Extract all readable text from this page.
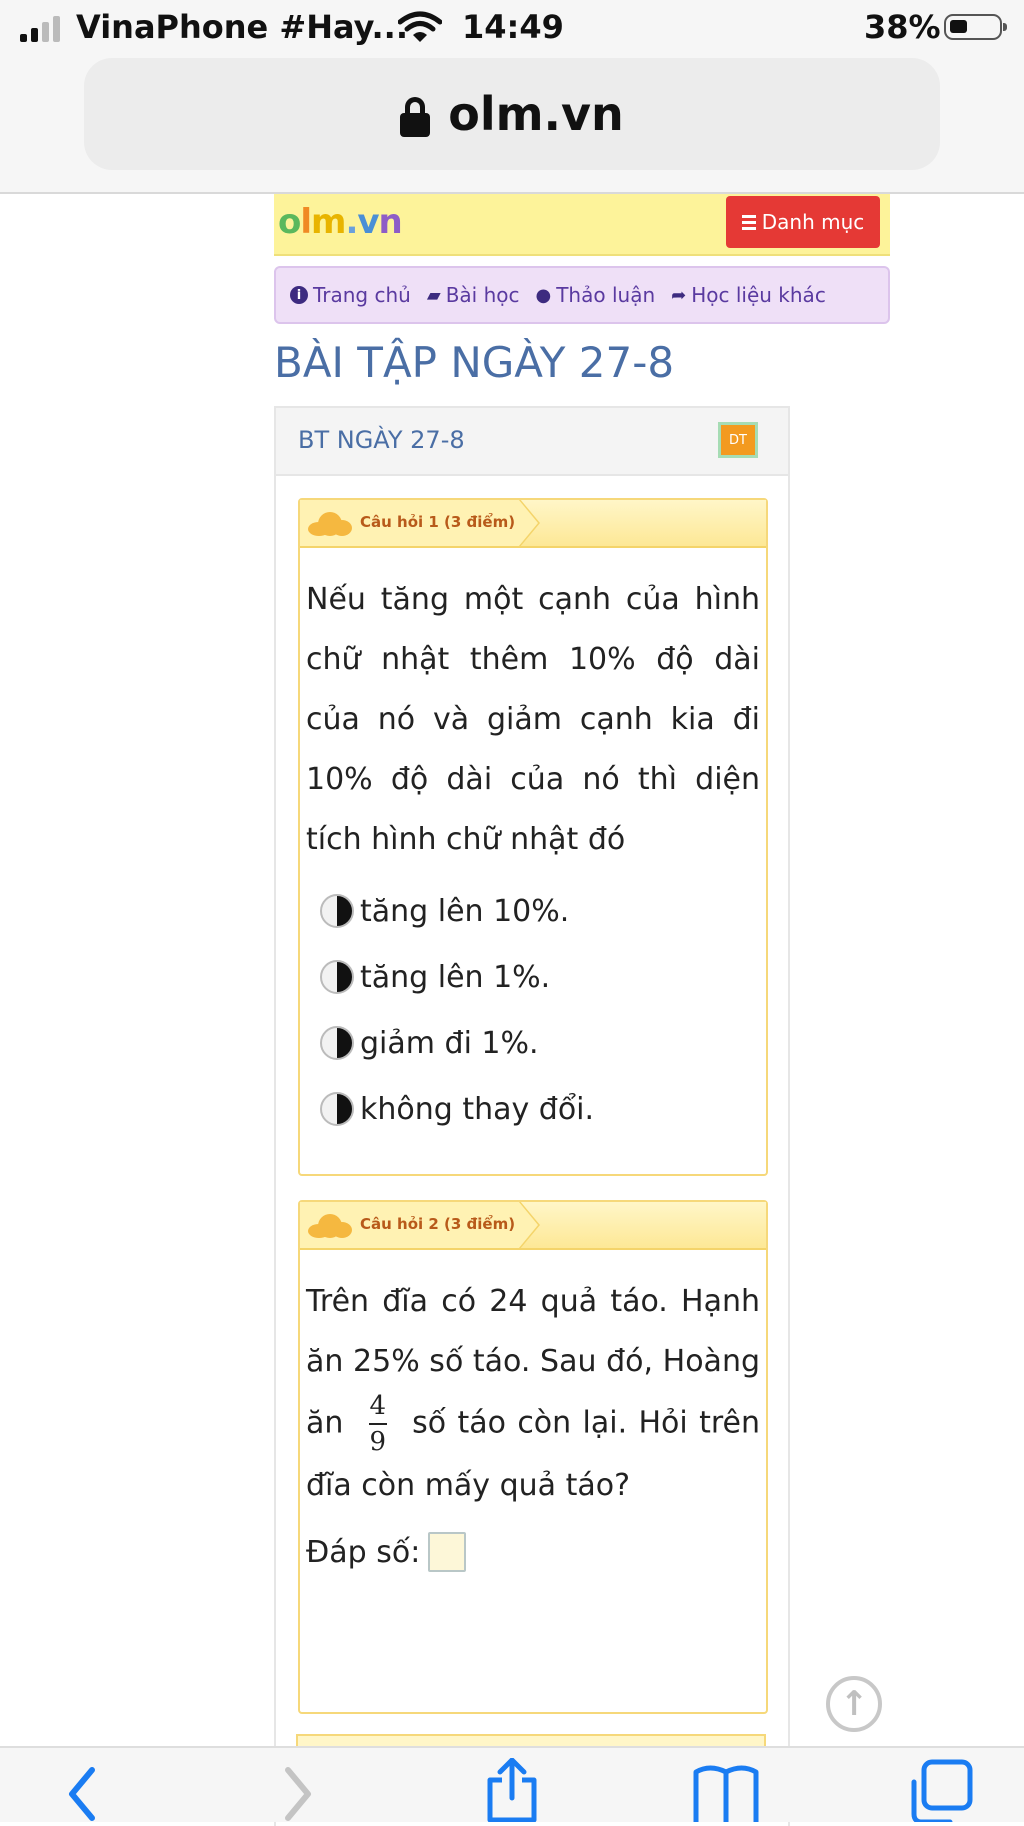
VinaPhone #Hay... 14:49	38%
olm.vn
olm.vn	Danh mục
i Trang chủ ▰ Bài học ● Thảo luận ➦ Học liệu khác
BÀI TẬP NGÀY 27-8
BT NGÀY 27-8	DT
Câu hỏi 1 (3 điểm)
Nếu tăng một cạnh của hình chữ nhật thêm 10% độ dài của nó và giảm cạnh kia đi 10% độ dài của nó thì diện tích hình chữ nhật đó
tăng lên 10%.
tăng lên 1%.
giảm đi 1%.
không thay đổi.
Câu hỏi 2 (3 điểm)
Trên đĩa có 24 quả táo. Hạnh ăn 25% số táo. Sau đó, Hoàng ăn $\frac{4}{9}$ số táo còn lại. Hỏi trên đĩa còn mấy quả táo?
Đáp số:
↑
